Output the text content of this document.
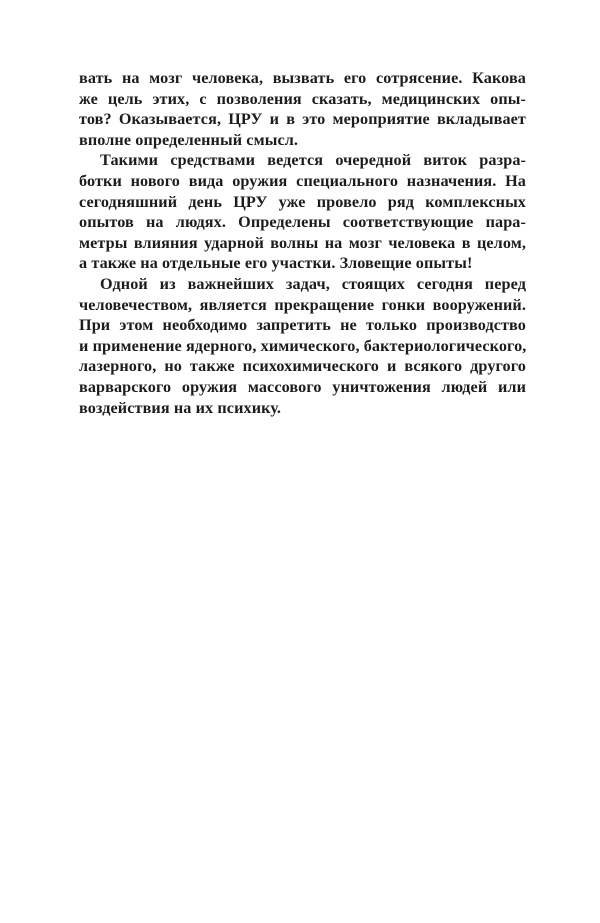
вать на мозг человека, вызвать его сотрясение. Какова
же цель этих, с позволения сказать, медицинских опы-
тов? Оказывается, ЦРУ и в это мероприятие вкладывает
вполне определенный смысл.
Такими средствами ведется очередной виток разра-
ботки нового вида оружия специального назначения. На
сегодняшний день ЦРУ уже провело ряд комплексных
опытов на людях. Определены соответствующие пара-
метры влияния ударной волны на мозг человека в целом,
а также на отдельные его участки. Зловещие опыты!
Одной из важнейших задач, стоящих сегодня перед
человечеством, является прекращение гонки вооружений.
При этом необходимо запретить не только производство
и применение ядерного, химического, бактериологического,
лазерного, но также психохимического и всякого другого
варварского оружия массового уничтожения людей или
воздействия на их психику.
